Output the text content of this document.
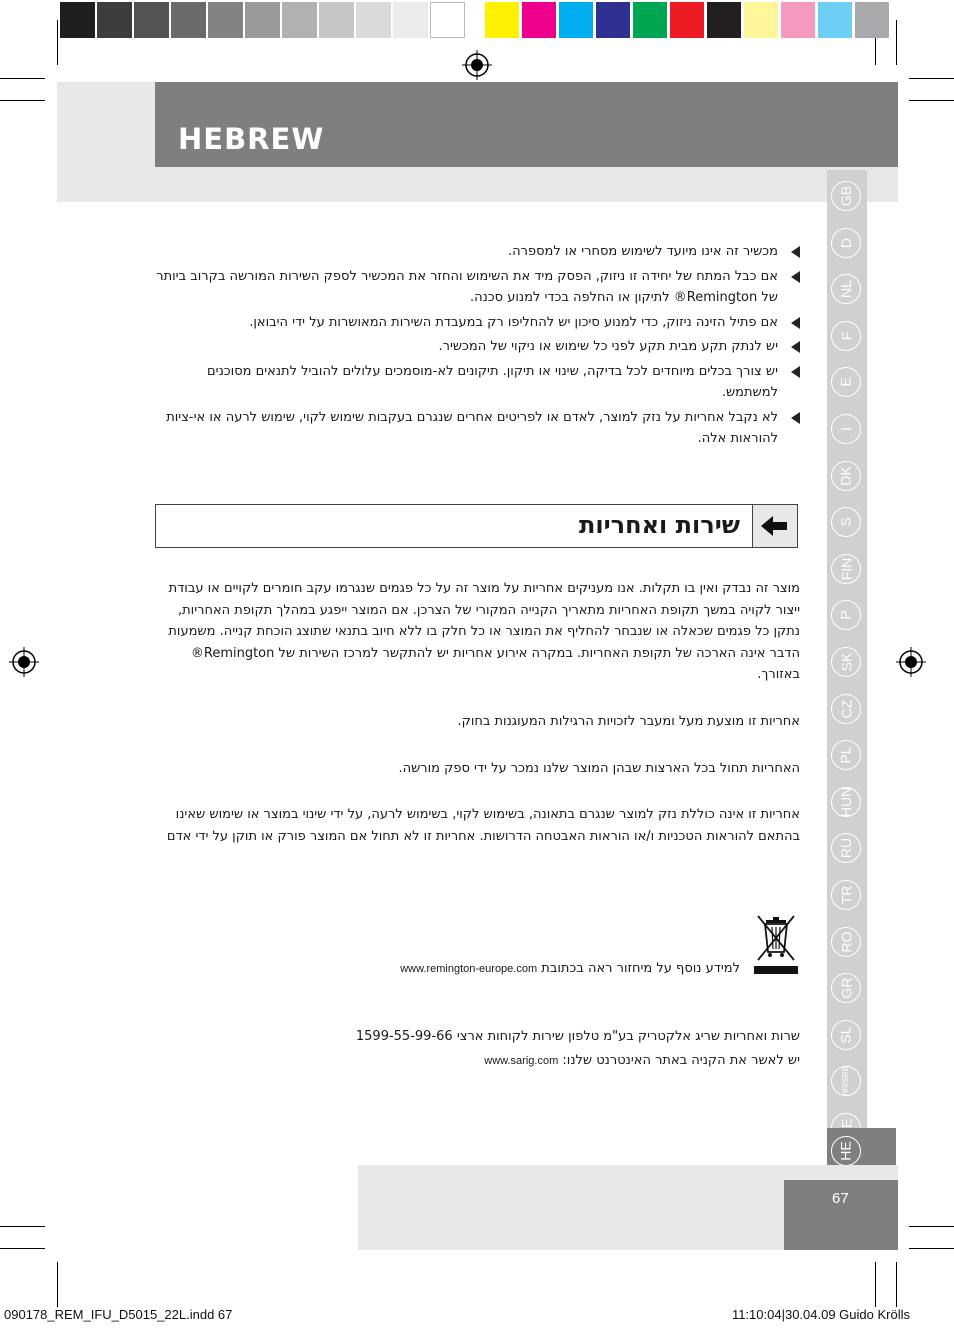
HEBREW
GB
D
NL
F
E
I
DK
S
FIN
P
SK
CZ
PL
HUN
RU
TR
RO
GR
SL
HR/SRB
HE
מכשיר זה אינו מיועד לשימוש מסחרי או למספרה.
אם כבל המתח של יחידה זו ניזוק, הפסק מיד את השימוש והחזר את המכשיר לספק השירות המורשה בקרוב ביותר של Remington® לתיקון או החלפה בכדי למנוע סכנה.
אם פתיל הזינה ניזוק, כדי למנוע סיכון יש להחליפו רק במעבדת השירות המאושרות על ידי היבואן.
יש לנתק תקע מבית תקע לפני כל שימוש או ניקוי של המכשיר.
יש צורך בכלים מיוחדים לכל בדיקה, שינוי או תיקון. תיקונים לא-מוסמכים עלולים להוביל לתנאים מסוכנים למשתמש.
לא נקבל אחריות על נזק למוצר, לאדם או לפריטים אחרים שנגרם בעקבות שימוש לקוי, שימוש לרעה או אי-ציות להוראות אלה.
שירות ואחריות
מוצר זה נבדק ואין בו תקלות. אנו מעניקים אחריות על מוצר זה על כל פגמים שנגרמו עקב חומרים לקויים או עבודת ייצור לקויה במשך תקופת האחריות מתאריך הקנייה המקורי של הצרכן. אם המוצר ייפגע במהלך תקופת האחריות, נתקן כל פגמים שכאלה או שנבחר להחליף את המוצר או כל חלק בו ללא חיוב בתנאי שתוצג הוכחת קנייה. משמעות הדבר אינה הארכה של תקופת האחריות. במקרה אירוע אחריות יש להתקשר למרכז השירות של Remington® באזורך.
אחריות זו מוצעת מעל ומעבר לזכויות הרגילות המעוגנות בחוק.
האחריות תחול בכל הארצות שבהן המוצר שלנו נמכר על ידי ספק מורשה.
אחריות זו אינה כוללת נזק למוצר שנגרם בתאונה, בשימוש לקוי, בשימוש לרעה, על ידי שינוי במוצר או שימוש שאינו בהתאם להוראות הטכניות ו/או הוראות האבטחה הדרושות. אחריות זו לא תחול אם המוצר פורק או תוקן על ידי אדם
למידע נוסף על מיחזור ראה בכתובת www.remington-europe.com
שרות ואחריות שריג אלקטריק בע"מ טלפון שירות לקוחות ארצי 1599-55-99-66
יש לאשר את הקניה באתר האינטרנט שלנו: www.sarig.com
67
090178_REM_IFU_D5015_22L.indd 67	11:10:04|30.04.09 Guido Krölls
